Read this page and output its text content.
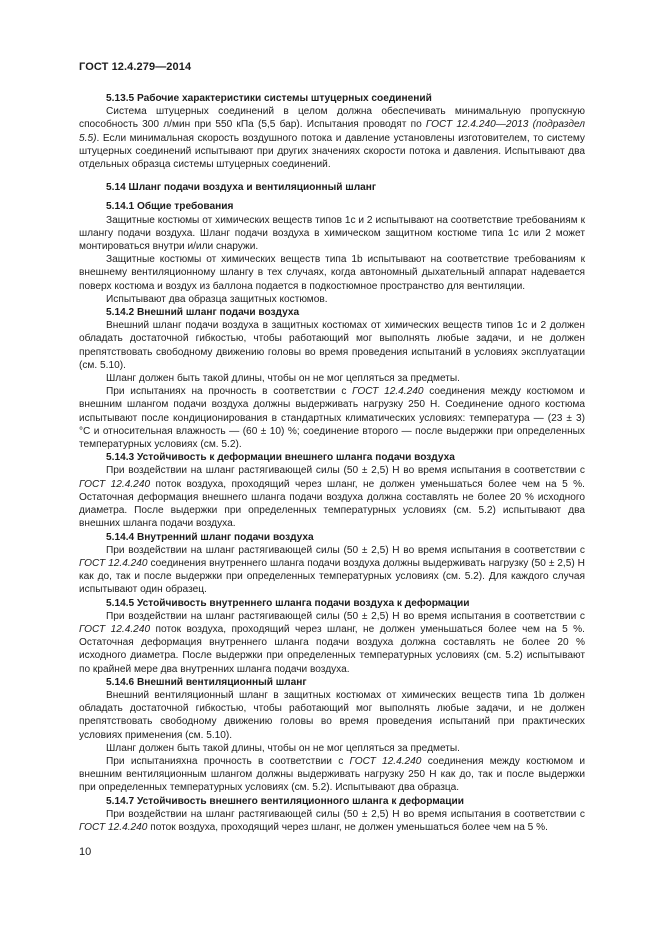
ГОСТ 12.4.279—2014

5.13.5 Рабочие характеристики системы штуцерных соединений

Система штуцерных соединений в целом должна обеспечивать минимальную пропускную способность 300 л/мин при 550 кПа (5,5 бар). Испытания проводят по ГОСТ 12.4.240—2013 (подраздел 5.5). Если минимальная скорость воздушного потока и давление установлены изготовителем, то систему штуцерных соединений испытывают при других значениях скорости потока и давления. Испытывают два отдельных образца системы штуцерных соединений.

5.14 Шланг подачи воздуха и вентиляционный шланг

5.14.1 Общие требования

Защитные костюмы от химических веществ типов 1с и 2 испытывают на соответствие требованиям к шлангу подачи воздуха. Шланг подачи воздуха в химическом защитном костюме типа 1с или 2 может монтироваться внутри и/или снаружи.

Защитные костюмы от химических веществ типа 1b испытывают на соответствие требованиям к внешнему вентиляционному шлангу в тех случаях, когда автономный дыхательный аппарат надевается поверх костюма и воздух из баллона подается в подкостюмное пространство для вентиляции.

Испытывают два образца защитных костюмов.

5.14.2 Внешний шланг подачи воздуха

Внешний шланг подачи воздуха в защитных костюмах от химических веществ типов 1с и 2 должен обладать достаточной гибкостью, чтобы работающий мог выполнять любые задачи, и не должен препятствовать свободному движению головы во время проведения испытаний в условиях эксплуатации (см. 5.10).

Шланг должен быть такой длины, чтобы он не мог цепляться за предметы.

При испытаниях на прочность в соответствии с ГОСТ 12.4.240 соединения между костюмом и внешним шлангом подачи воздуха должны выдерживать нагрузку 250 Н. Соединение одного костюма испытывают после кондиционирования в стандартных климатических условиях: температура — (23 ± 3) °С и относительная влажность — (60 ± 10) %; соединение второго — после выдержки при определенных температурных условиях (см. 5.2).

5.14.3 Устойчивость к деформации внешнего шланга подачи воздуха

При воздействии на шланг растягивающей силы (50 ± 2,5) Н во время испытания в соответствии с ГОСТ 12.4.240 поток воздуха, проходящий через шланг, не должен уменьшаться более чем на 5 %. Остаточная деформация внешнего шланга подачи воздуха должна составлять не более 20 % исходного диаметра. После выдержки при определенных температурных условиях (см. 5.2) испытывают два внешних шланга подачи воздуха.

5.14.4 Внутренний шланг подачи воздуха

При воздействии на шланг растягивающей силы (50 ± 2,5) Н во время испытания в соответствии с ГОСТ 12.4.240 соединения внутреннего шланга подачи воздуха должны выдерживать нагрузку (50 ± 2,5) Н как до, так и после выдержки при определенных температурных условиях (см. 5.2). Для каждого случая испытывают один образец.

5.14.5 Устойчивость внутреннего шланга подачи воздуха к деформации

При воздействии на шланг растягивающей силы (50 ± 2,5) Н во время испытания в соответствии с ГОСТ 12.4.240 поток воздуха, проходящий через шланг, не должен уменьшаться более чем на 5 %. Остаточная деформация внутреннего шланга подачи воздуха должна составлять не более 20 % исходного диаметра. После выдержки при определенных температурных условиях (см. 5.2) испытывают по крайней мере два внутренних шланга подачи воздуха.

5.14.6 Внешний вентиляционный шланг

Внешний вентиляционный шланг в защитных костюмах от химических веществ типа 1b должен обладать достаточной гибкостью, чтобы работающий мог выполнять любые задачи, и не должен препятствовать свободному движению головы во время проведения испытаний при практических условиях применения (см. 5.10).

Шланг должен быть такой длины, чтобы он не мог цепляться за предметы.

При испытанияхна прочность в соответствии с ГОСТ 12.4.240 соединения между костюмом и внешним вентиляционным шлангом должны выдерживать нагрузку 250 Н как до, так и после выдержки при определенных температурных условиях (см. 5.2). Испытывают два образца.

5.14.7 Устойчивость внешнего вентиляционного шланга к деформации

При воздействии на шланг растягивающей силы (50 ± 2,5) Н во время испытания в соответствии с ГОСТ 12.4.240 поток воздуха, проходящий через шланг, не должен уменьшаться более чем на 5 %.

10
